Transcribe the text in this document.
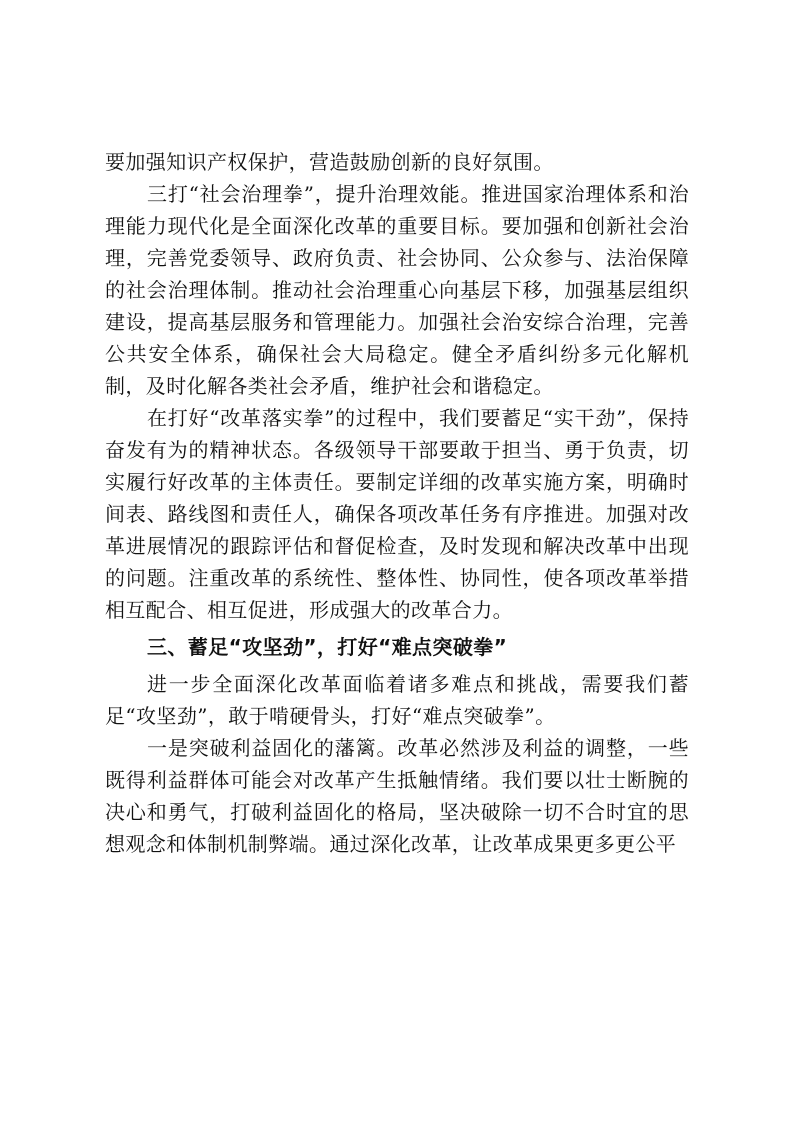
要加强知识产权保护，营造鼓励创新的良好氛围。

三打“社会治理拳”，提升治理效能。推进国家治理体系和治理能力现代化是全面深化改革的重要目标。要加强和创新社会治理，完善党委领导、政府负责、社会协同、公众参与、法治保障的社会治理体制。推动社会治理重心向基层下移，加强基层组织建设，提高基层服务和管理能力。加强社会治安综合治理，完善公共安全体系，确保社会大局稳定。健全矛盾纠纷多元化解机制，及时化解各类社会矛盾，维护社会和谐稳定。

在打好“改革落实拳”的过程中，我们要蓄足“实干劲”，保持奋发有为的精神状态。各级领导干部要敢于担当、勇于负责，切实履行好改革的主体责任。要制定详细的改革实施方案，明确时间表、路线图和责任人，确保各项改革任务有序推进。加强对改革进展情况的跟踪评估和督促检查，及时发现和解决改革中出现的问题。注重改革的系统性、整体性、协同性，使各项改革举措相互配合、相互促进，形成强大的改革合力。

三、蓄足“攻坚劲”，打好“难点突破拳”

进一步全面深化改革面临着诸多难点和挑战，需要我们蓄足“攻坚劲”，敢于啃硬骨头，打好“难点突破拳”。

一是突破利益固化的藩篱。改革必然涉及利益的调整，一些既得利益群体可能会对改革产生抵触情绪。我们要以壮士断腕的决心和勇气，打破利益固化的格局，坚决破除一切不合时宜的思想观念和体制机制弊端。通过深化改革，让改革成果更多更公平
